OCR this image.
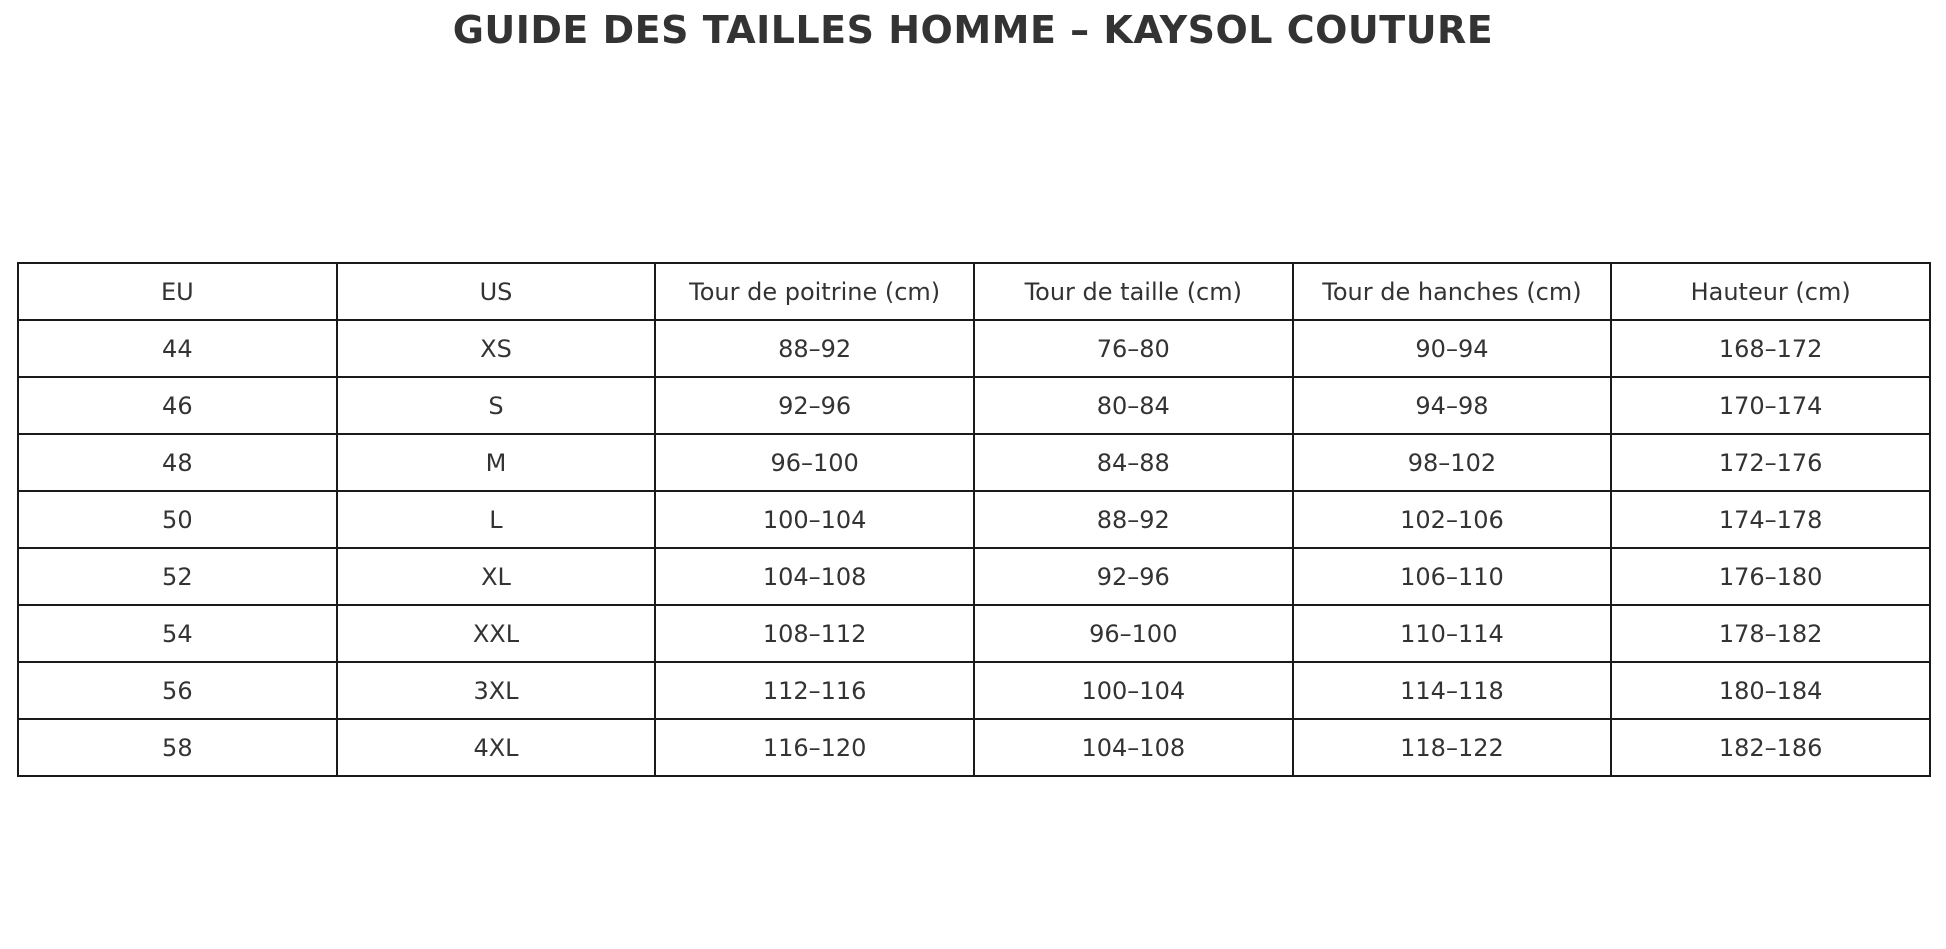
GUIDE DES TAILLES HOMME – KAYSOL COUTURE
EU	US	Tour de poitrine (cm)	Tour de taille (cm)	Tour de hanches (cm)	Hauteur (cm)
44	XS	88–92	76–80	90–94	168–172
46	S	92–96	80–84	94–98	170–174
48	M	96–100	84–88	98–102	172–176
50	L	100–104	88–92	102–106	174–178
52	XL	104–108	92–96	106–110	176–180
54	XXL	108–112	96–100	110–114	178–182
56	3XL	112–116	100–104	114–118	180–184
58	4XL	116–120	104–108	118–122	182–186
